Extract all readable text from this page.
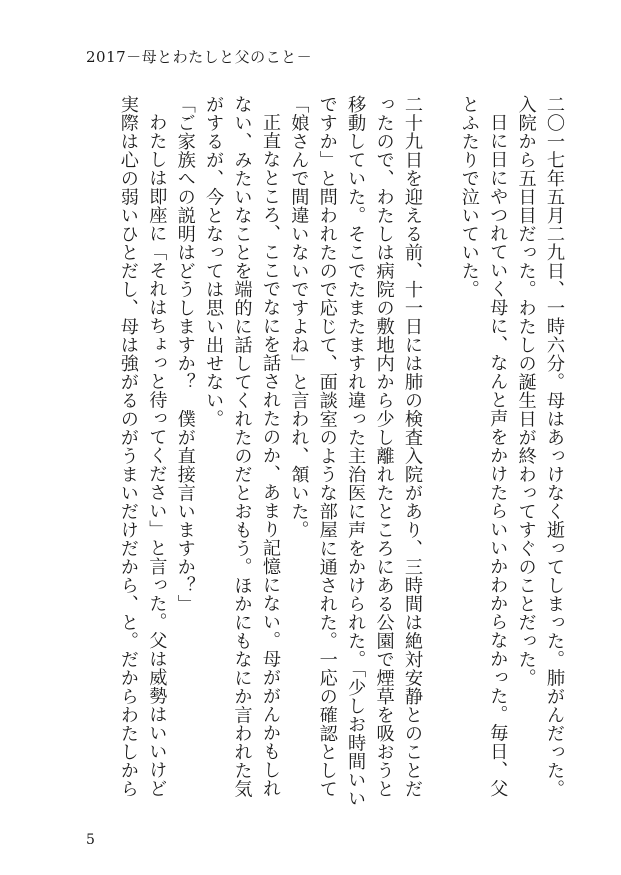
2017－母とわたしと父のこと－

二〇一七年五月二九日、一時六分。母はあっけなく逝ってしまった。肺がんだった。入院から五日目だった。わたしの誕生日が終わってすぐのことだった。

日に日にやつれていく母に、なんと声をかけたらいいかわからなかった。毎日、父とふたりで泣いていた。

二十九日を迎える前、十一日には肺の検査入院があり、三時間は絶対安静とのことだったので、わたしは病院の敷地内から少し離れたところにある公園で煙草を吸おうと移動していた。そこでたまたますれ違った主治医に声をかけられた。「少しお時間いいですか」と問われたので応じて、面談室のような部屋に通された。一応の確認として「娘さんで間違いないですよね」と言われ、頷いた。

正直なところ、ここでなにを話されたのか、あまり記憶にない。母ががんかもしれない、みたいなことを端的に話してくれたのだとおもう。ほかにもなにか言われた気がするが、今となっては思い出せない。

「ご家族への説明はどうしますか？　僕が直接言いますか？」

わたしは即座に「それはちょっと待ってください」と言った。父は威勢はいいけど実際は心の弱いひとだし、母は強がるのがうまいだけだから、と。だからわたしから

5
